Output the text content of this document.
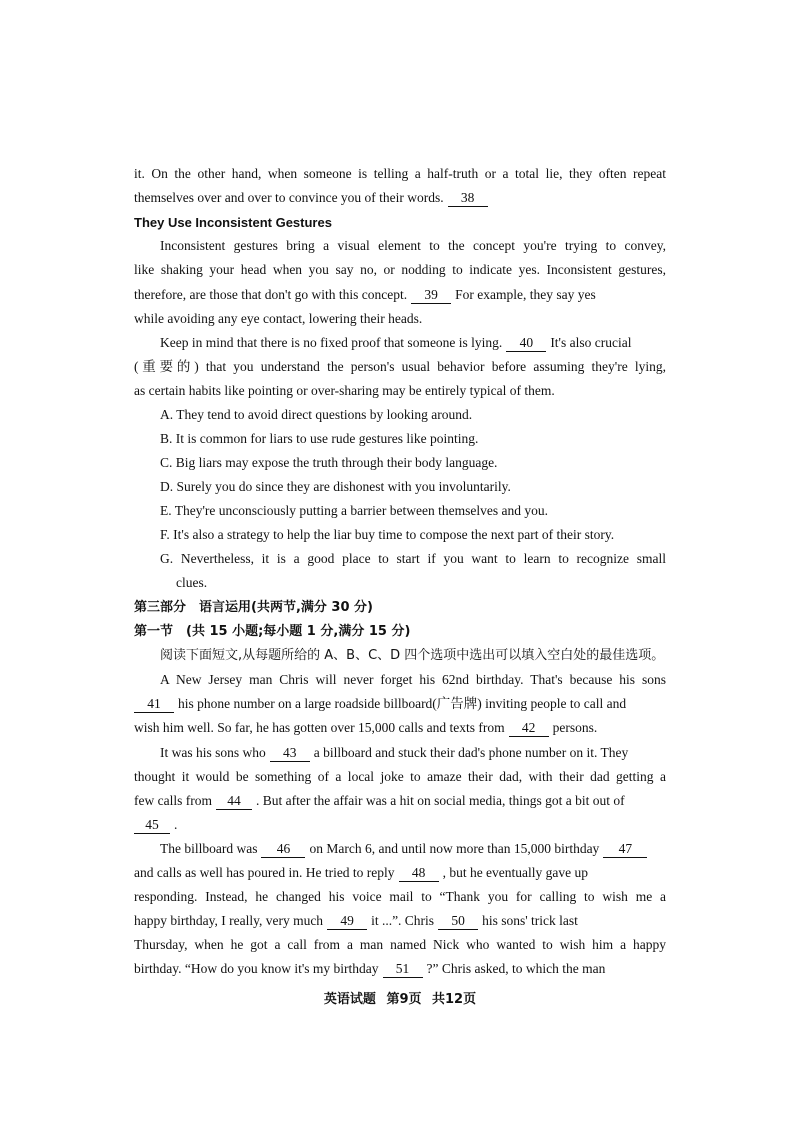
it. On the other hand, when someone is telling a half-truth or a total lie, they often repeat
themselves over and over to convince you of their words. 38
They Use Inconsistent Gestures
Inconsistent gestures bring a visual element to the concept you're trying to convey,
like shaking your head when you say no, or nodding to indicate yes. Inconsistent gestures,
therefore, are those that don't go with this concept. 39 For example, they say yes
while avoiding any eye contact, lowering their heads.
Keep in mind that there is no fixed proof that someone is lying. 40 It's also crucial
(重要的) that you understand the person's usual behavior before assuming they're lying,
as certain habits like pointing or over-sharing may be entirely typical of them.
A. They tend to avoid direct questions by looking around.
B. It is common for liars to use rude gestures like pointing.
C. Big liars may expose the truth through their body language.
D. Surely you do since they are dishonest with you involuntarily.
E. They're unconsciously putting a barrier between themselves and you.
F. It's also a strategy to help the liar buy time to compose the next part of their story.
G. Nevertheless, it is a good place to start if you want to learn to recognize small
clues.
第三部分　语言运用(共两节,满分 30 分)
第一节　(共 15 小题;每小题 1 分,满分 15 分)
阅读下面短文,从每题所给的 A、B、C、D 四个选项中选出可以填入空白处的最佳选项。
A New Jersey man Chris will never forget his 62nd birthday. That's because his sons
41 his phone number on a large roadside billboard(广告牌) inviting people to call and
wish him well. So far, he has gotten over 15,000 calls and texts from 42 persons.
It was his sons who 43 a billboard and stuck their dad's phone number on it. They
thought it would be something of a local joke to amaze their dad, with their dad getting a
few calls from 44 . But after the affair was a hit on social media, things got a bit out of
45 .
The billboard was 46 on March 6, and until now more than 15,000 birthday 47
and calls as well has poured in. He tried to reply 48 , but he eventually gave up
responding. Instead, he changed his voice mail to “Thank you for calling to wish me a
happy birthday, I really, very much 49 it ...”. Chris 50 his sons' trick last
Thursday, when he got a call from a man named Nick who wanted to wish him a happy
birthday. “How do you know it's my birthday 51 ?” Chris asked, to which the man
英语试题 第9页 共12页
